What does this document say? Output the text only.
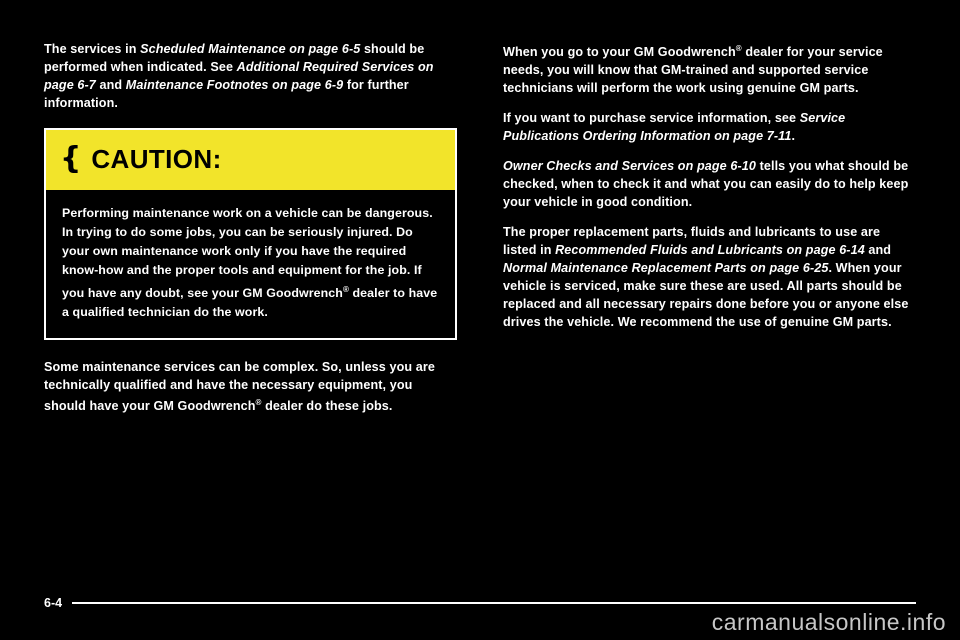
The services in Scheduled Maintenance on page 6-5 should be performed when indicated. See Additional Required Services on page 6-7 and Maintenance Footnotes on page 6-9 for further information.

{ CAUTION:

Performing maintenance work on a vehicle can be dangerous. In trying to do some jobs, you can be seriously injured. Do your own maintenance work only if you have the required know-how and the proper tools and equipment for the job. If you have any doubt, see your GM Goodwrench® dealer to have a qualified technician do the work.

Some maintenance services can be complex. So, unless you are technically qualified and have the necessary equipment, you should have your GM Goodwrench® dealer do these jobs.

When you go to your GM Goodwrench® dealer for your service needs, you will know that GM-trained and supported service technicians will perform the work using genuine GM parts.

If you want to purchase service information, see Service Publications Ordering Information on page 7-11.

Owner Checks and Services on page 6-10 tells you what should be checked, when to check it and what you can easily do to help keep your vehicle in good condition.

The proper replacement parts, fluids and lubricants to use are listed in Recommended Fluids and Lubricants on page 6-14 and Normal Maintenance Replacement Parts on page 6-25. When your vehicle is serviced, make sure these are used. All parts should be replaced and all necessary repairs done before you or anyone else drives the vehicle. We recommend the use of genuine GM parts.

6-4
carmanualsonline.info
